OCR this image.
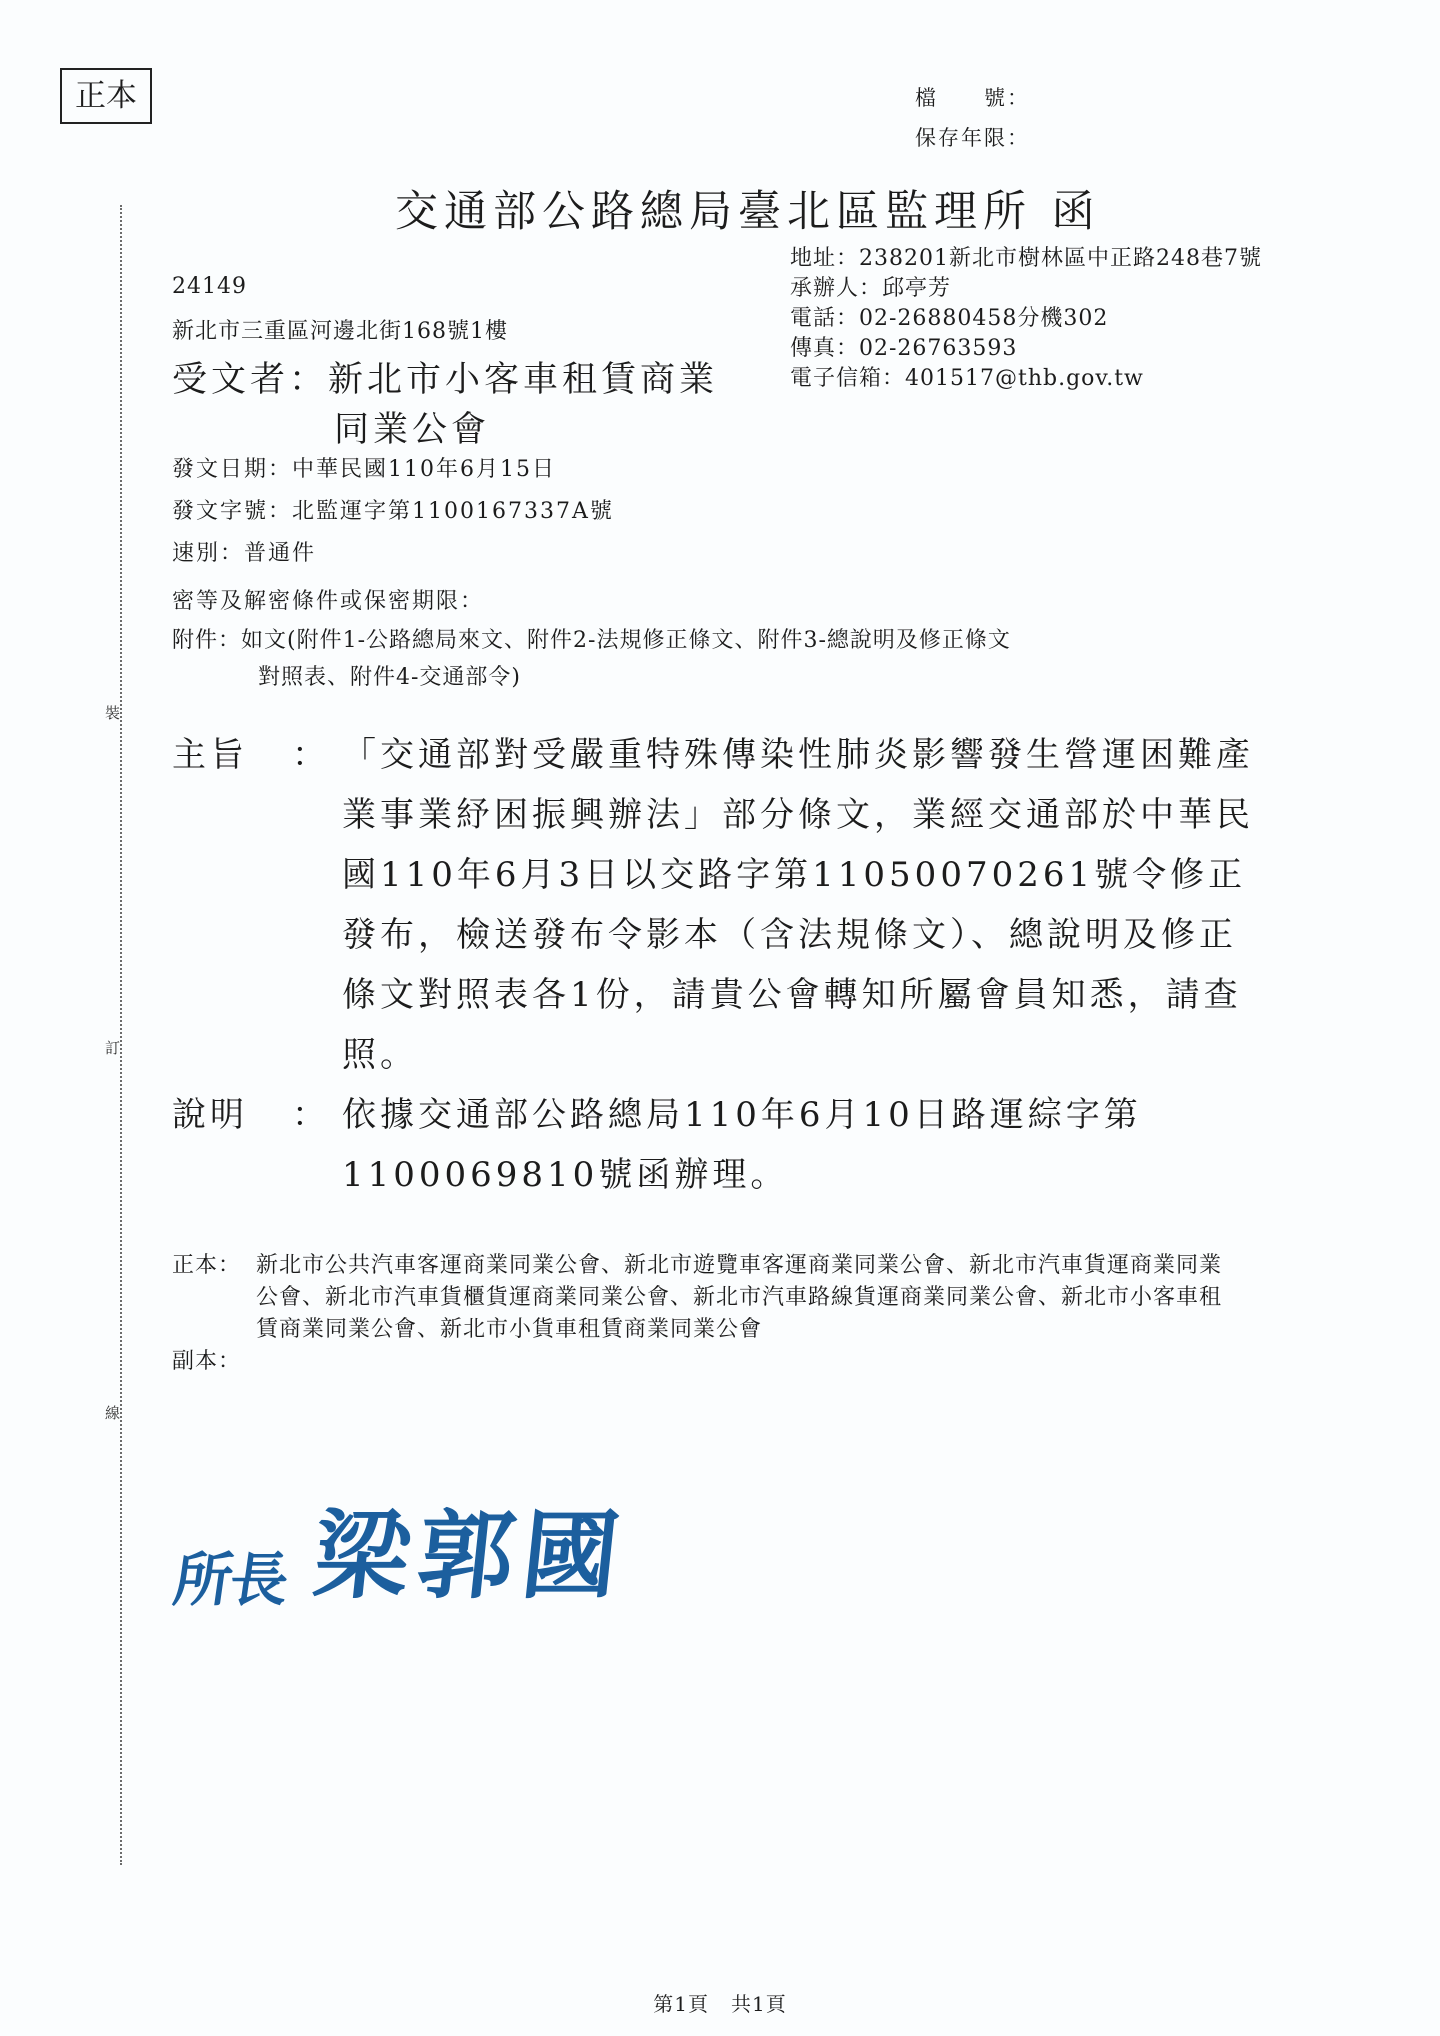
正本	檔　　號：
保存年限：
交通部公路總局臺北區監理所 函
地址：238201新北市樹林區中正路248巷7號
承辦人：邱亭芳
電話：02-26880458分機302
傳真：02-26763593
電子信箱：401517@thb.gov.tw
24149
新北市三重區河邊北街168號1樓
受文者：新北市小客車租賃商業
同業公會
發文日期：中華民國110年6月15日
發文字號：北監運字第1100167337A號
速別：普通件
密等及解密條件或保密期限：
附件：如文(附件1-公路總局來文、附件2-法規修正條文、附件3-總說明及修正條文
對照表、附件4-交通部令)
主旨	： 「交通部對受嚴重特殊傳染性肺炎影響發生營運困難產業事業紓困振興辦法」部分條文，業經交通部於中華民國110年6月3日以交路字第11050070261號令修正發布，檢送發布令影本（含法規條文）、總說明及修正條文對照表各1份，請貴公會轉知所屬會員知悉，請查照。
說明	： 依據交通部公路總局110年6月10日路運綜字第1100069810號函辦理。
正本： 新北市公共汽車客運商業同業公會、新北市遊覽車客運商業同業公會、新北市汽車貨運商業同業公會、新北市汽車貨櫃貨運商業同業公會、新北市汽車路線貨運商業同業公會、新北市小客車租賃商業同業公會、新北市小貨車租賃商業同業公會
副本：
所長 梁郭國
裝
訂
線
第1頁 共1頁
